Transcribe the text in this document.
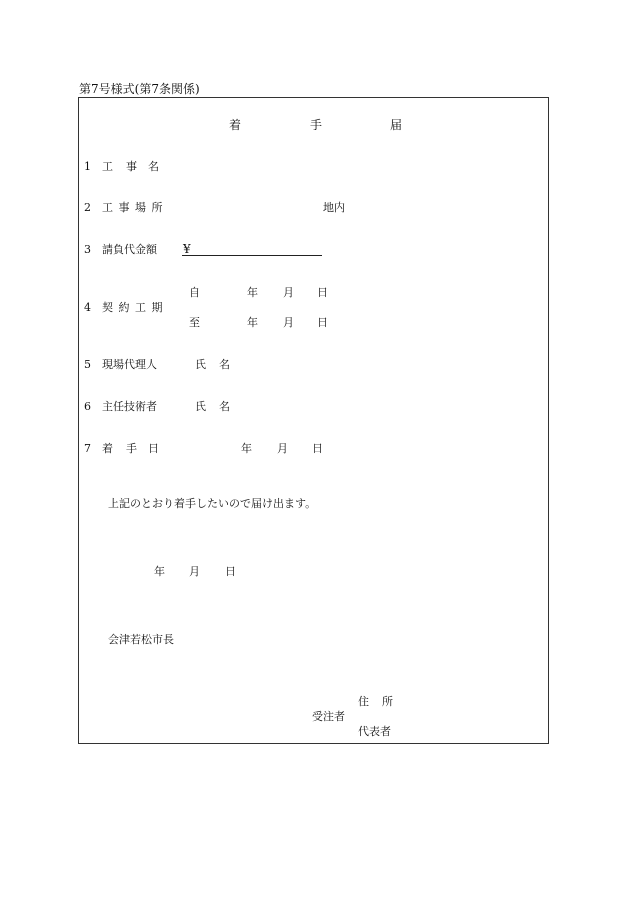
第7号様式(第7条関係)
着	手	届
1 工 事 名
2 工 事 場 所	地内
3 請負代金額 ¥
4 契 約 工 期
自	年 月 日
至	年 月 日
5 現場代理人	氏 名
6 主任技術者	氏 名
7 着 手 日	年 月 日
上記のとおり着手したいので届け出ます。
年 月 日
会津若松市長
住 所
受注者
代表者
